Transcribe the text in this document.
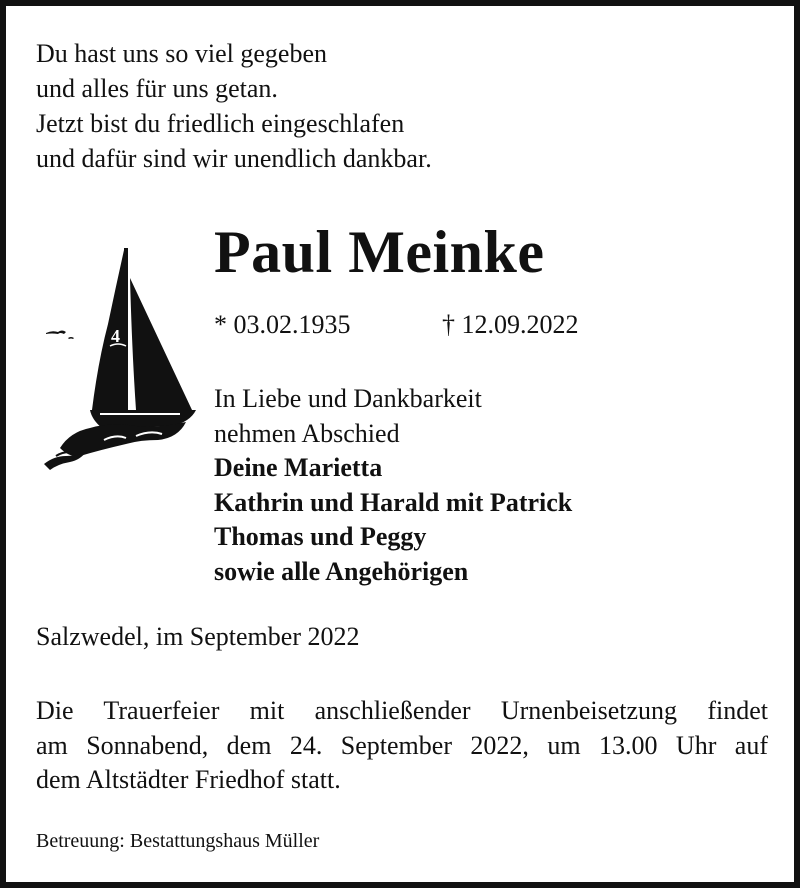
Du hast uns so viel gegeben
und alles für uns getan.
Jetzt bist du friedlich eingeschlafen
und dafür sind wir unendlich dankbar.
4
Paul Meinke
* 03.02.1935	† 12.09.2022
In Liebe und Dankbarkeit
nehmen Abschied
Deine Marietta
Kathrin und Harald mit Patrick
Thomas und Peggy
sowie alle Angehörigen
Salzwedel, im September 2022
Die Trauerfeier mit anschließender Urnenbeisetzung findet
am Sonnabend, dem 24. September 2022, um 13.00 Uhr auf
dem Altstädter Friedhof statt.
Betreuung: Bestattungshaus Müller
